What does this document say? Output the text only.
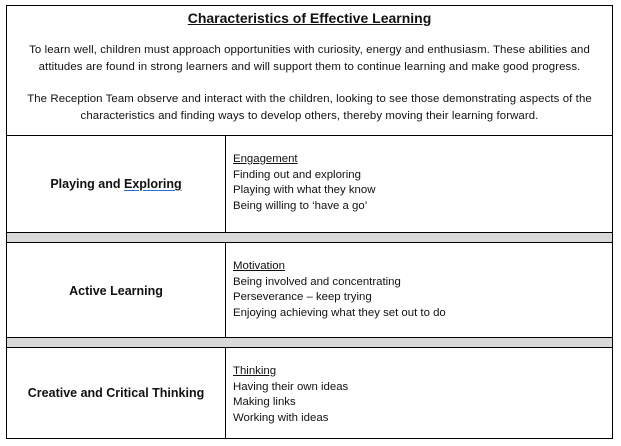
Characteristics of Effective Learning

To learn well, children must approach opportunities with curiosity, energy and enthusiasm. These abilities and
attitudes are found in strong learners and will support them to continue learning and make good progress.

The Reception Team observe and interact with the children, looking to see those demonstrating aspects of the
characteristics and finding ways to develop others, thereby moving their learning forward.

Playing and Exploring
Engagement
Finding out and exploring
Playing with what they know
Being willing to ‘have a go’
Active Learning
Motivation
Being involved and concentrating
Perseverance – keep trying
Enjoying achieving what they set out to do
Creative and Critical Thinking
Thinking
Having their own ideas
Making links
Working with ideas
